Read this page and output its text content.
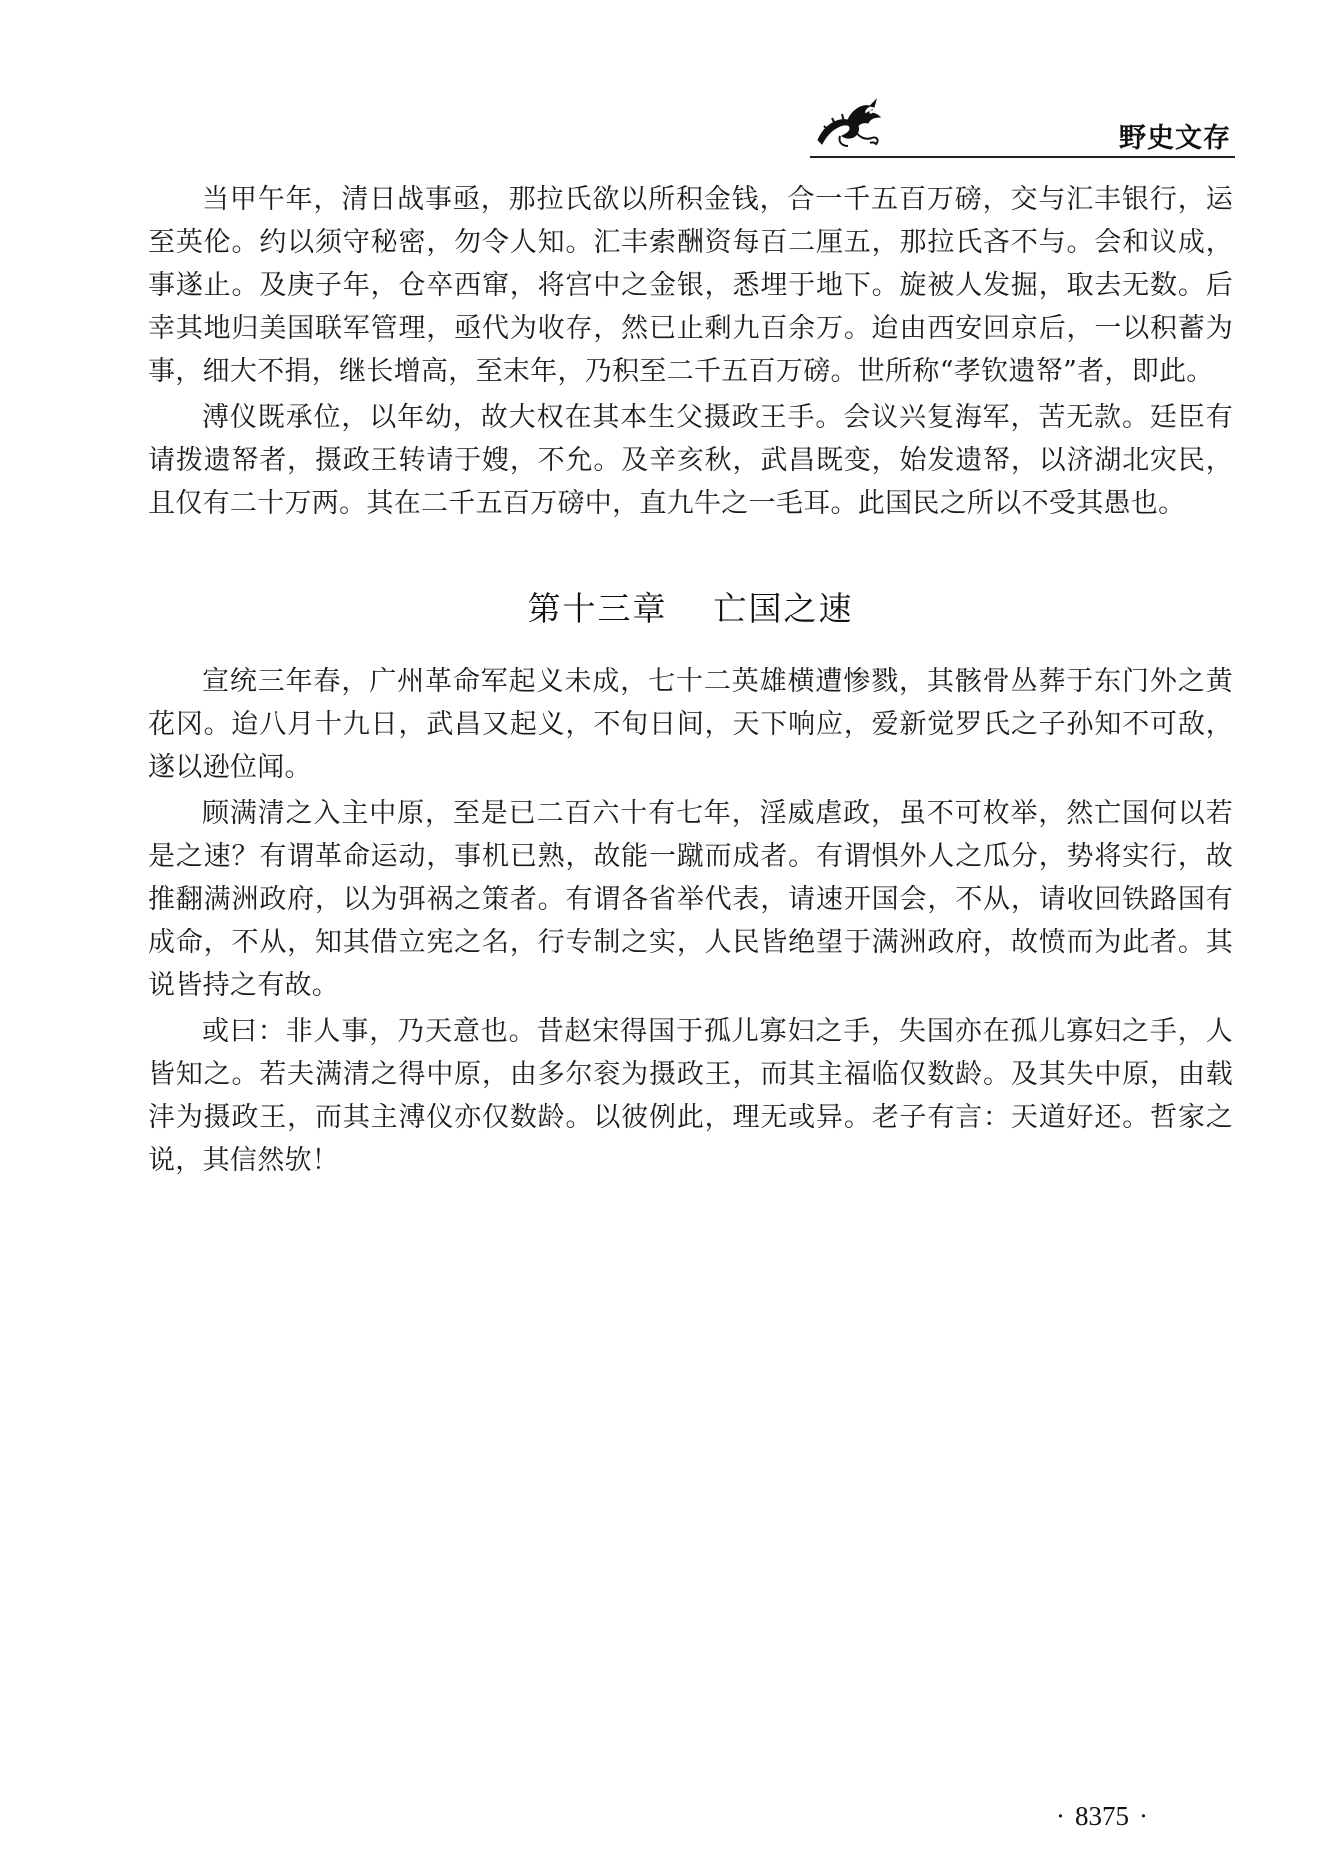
野史文存

当甲午年，清日战事亟，那拉氏欲以所积金钱，合一千五百万磅，交与汇丰银行，运至英伦。约以须守秘密，勿令人知。汇丰索酬资每百二厘五，那拉氏吝不与。会和议成，事遂止。及庚子年，仓卒西窜，将宫中之金银，悉埋于地下。旋被人发掘，取去无数。后幸其地归美国联军管理，亟代为收存，然已止剩九百余万。迨由西安回京后，一以积蓄为事，细大不捐，继长增高，至末年，乃积至二千五百万磅。世所称“孝钦遗帑”者，即此。

溥仪既承位，以年幼，故大权在其本生父摄政王手。会议兴复海军，苦无款。廷臣有请拨遗帑者，摄政王转请于嫂，不允。及辛亥秋，武昌既变，始发遗帑，以济湖北灾民，且仅有二十万两。其在二千五百万磅中，直九牛之一毛耳。此国民之所以不受其愚也。

第十三章 亡国之速

宣统三年春，广州革命军起义未成，七十二英雄横遭惨戮，其骸骨丛葬于东门外之黄花冈。迨八月十九日，武昌又起义，不旬日间，天下响应，爱新觉罗氏之子孙知不可敌，遂以逊位闻。

顾满清之入主中原，至是已二百六十有七年，淫威虐政，虽不可枚举，然亡国何以若是之速？有谓革命运动，事机已熟，故能一蹴而成者。有谓惧外人之瓜分，势将实行，故推翻满洲政府，以为弭祸之策者。有谓各省举代表，请速开国会，不从，请收回铁路国有成命，不从，知其借立宪之名，行专制之实，人民皆绝望于满洲政府，故愤而为此者。其说皆持之有故。

或曰：非人事，乃天意也。昔赵宋得国于孤儿寡妇之手，失国亦在孤儿寡妇之手，人皆知之。若夫满清之得中原，由多尔衮为摄政王，而其主福临仅数龄。及其失中原，由载沣为摄政王，而其主溥仪亦仅数龄。以彼例此，理无或异。老子有言：天道好还。哲家之说，其信然欤！

· 8375 ·
